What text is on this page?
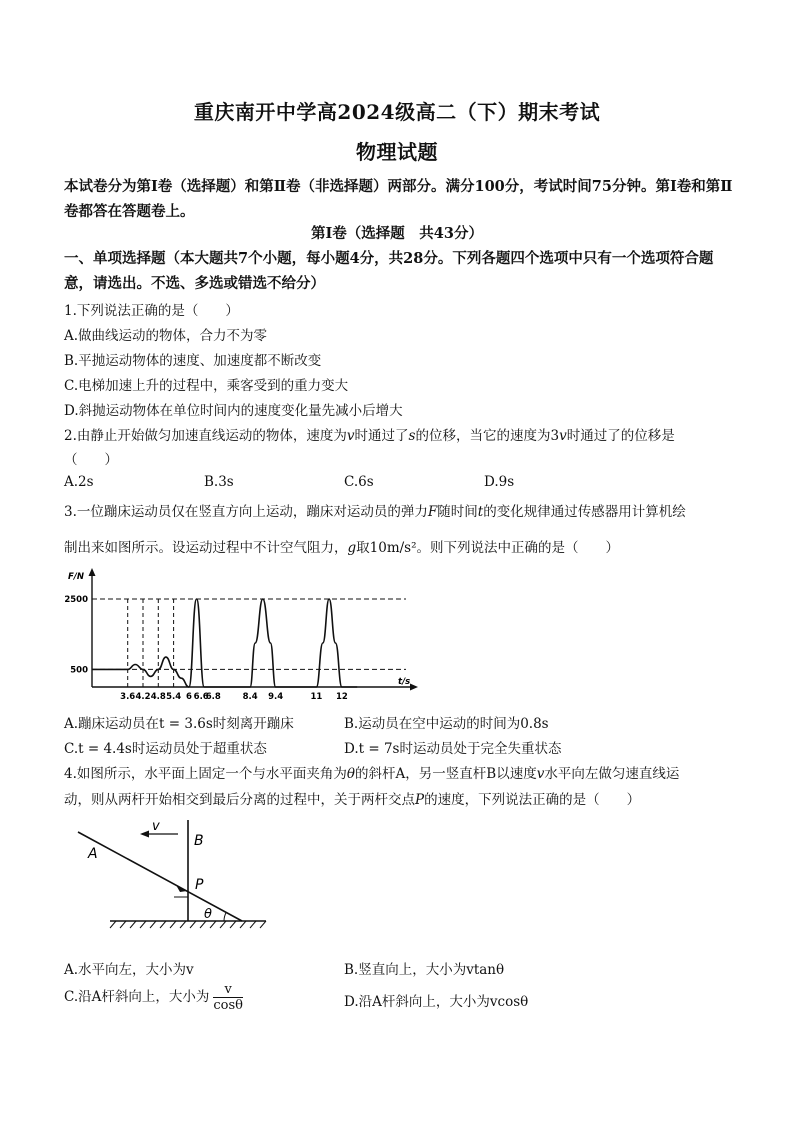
重庆南开中学高2024级高二（下）期末考试
物理试题
本试卷分为第Ⅰ卷（选择题）和第Ⅱ卷（非选择题）两部分。满分100分，考试时间75分钟。第Ⅰ卷和第Ⅱ卷都答在答题卷上。
第Ⅰ卷（选择题　共43分）
一、单项选择题（本大题共7个小题，每小题4分，共28分。下列各题四个选项中只有一个选项符合题意，请选出。不选、多选或错选不给分）
1.下列说法正确的是（　　）
A.做曲线运动的物体，合力不为零
B.平抛运动物体的速度、加速度都不断改变
C.电梯加速上升的过程中，乘客受到的重力变大
D.斜抛运动物体在单位时间内的速度变化量先减小后增大
2.由静止开始做匀加速直线运动的物体，速度为v时通过了s的位移，当它的速度为3v时通过了的位移是
（　　）
A.2s	B.3s	C.6s	D.9s
3.一位蹦床运动员仅在竖直方向上运动，蹦床对运动员的弹力F随时间t的变化规律通过传感器用计算机绘
制出来如图所示。设运动过程中不计空气阻力，g取10m/s²。则下列说法中正确的是（　　）
500
2500
F/N
t/s
3.6 4.2 4.8 5.4 6 6.6
6.8	8.4 9.4	11 12
A.蹦床运动员在t = 3.6s时刻离开蹦床	B.运动员在空中运动的时间为0.8s
C.t = 4.4s时运动员处于超重状态	D.t = 7s时运动员处于完全失重状态
4.如图所示，水平面上固定一个与水平面夹角为θ的斜杆A，另一竖直杆B以速度v水平向左做匀速直线运
动，则从两杆开始相交到最后分离的过程中，关于两杆交点P的速度，下列说法正确的是（　　）
v
B
A
P
θ
A.水平向左，大小为v	B.竖直向上，大小为vtanθ
C.沿A杆斜向上，大小为 $\frac{v}{\cos\theta}$	D.沿A杆斜向上，大小为vcosθ
